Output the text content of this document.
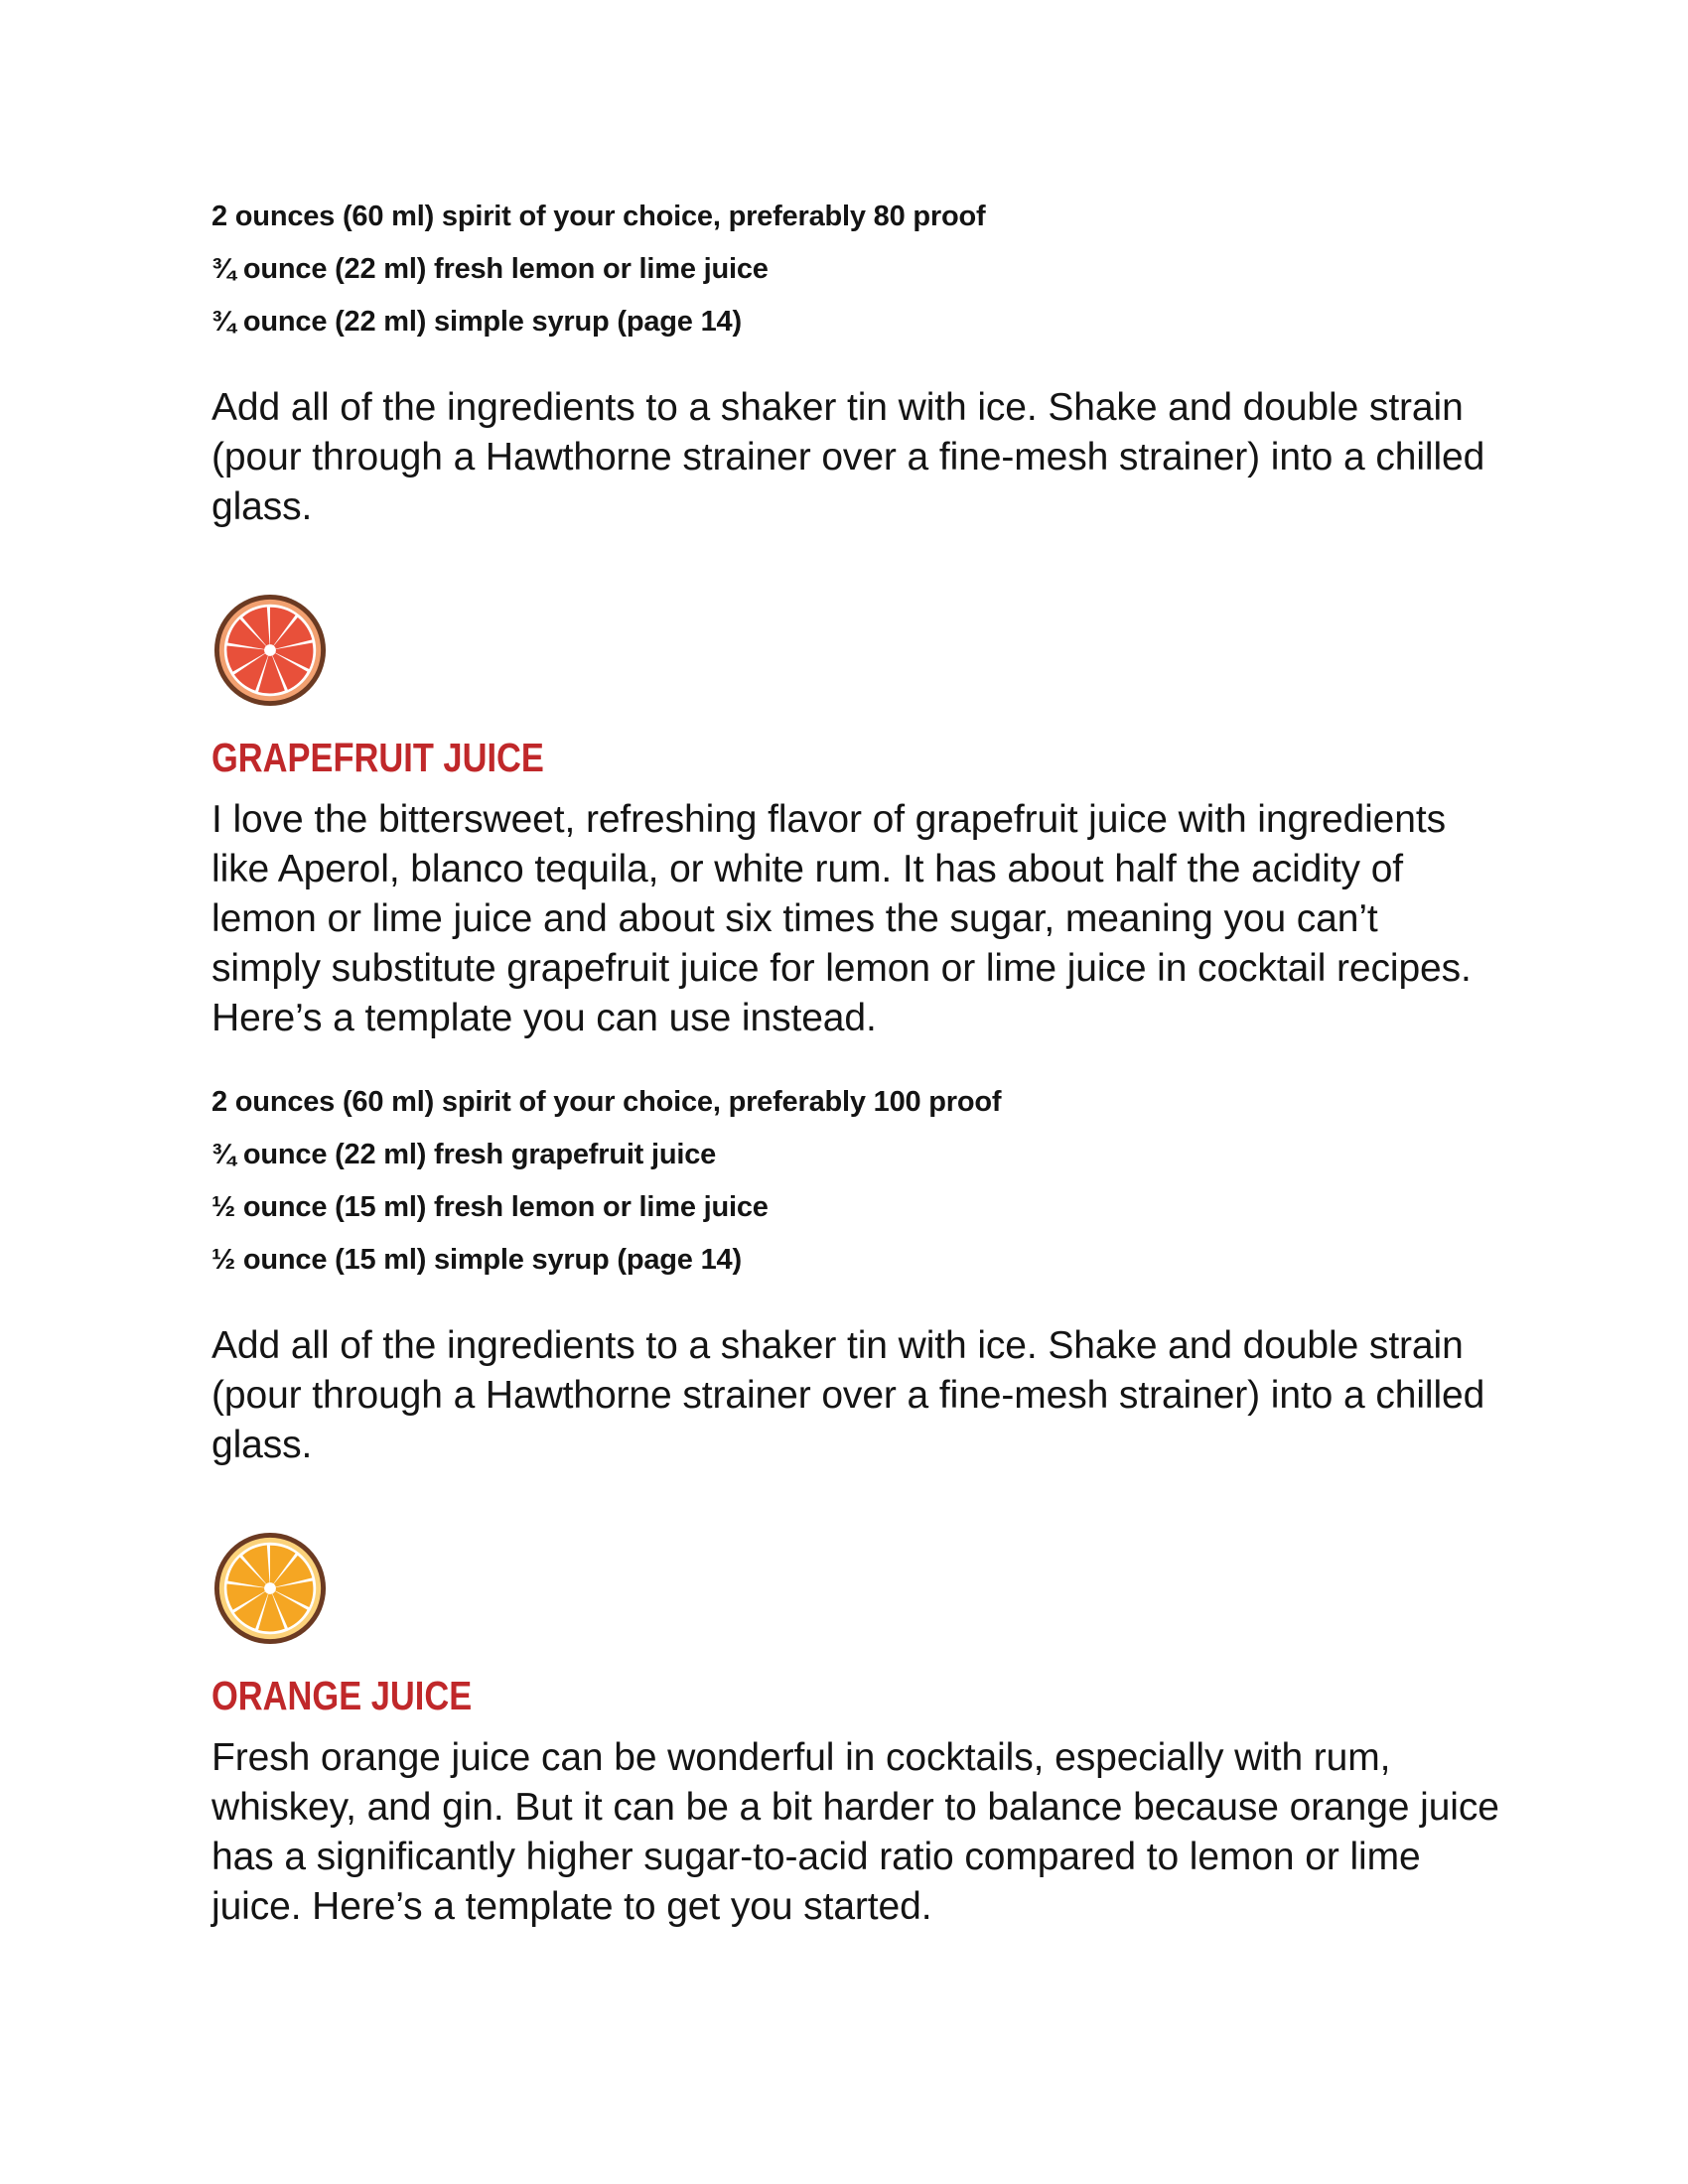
2 ounces (60 ml) spirit of your choice, preferably 80 proof
¾ ounce (22 ml) fresh lemon or lime juice
¾ ounce (22 ml) simple syrup (page 14)

Add all of the ingredients to a shaker tin with ice. Shake and double strain (pour through a Hawthorne strainer over a fine-mesh strainer) into a chilled glass.

GRAPEFRUIT JUICE

I love the bittersweet, refreshing flavor of grapefruit juice with ingredients like Aperol, blanco tequila, or white rum. It has about half the acidity of lemon or lime juice and about six times the sugar, meaning you can’t simply substitute grapefruit juice for lemon or lime juice in cocktail recipes. Here’s a template you can use instead.

2 ounces (60 ml) spirit of your choice, preferably 100 proof
¾ ounce (22 ml) fresh grapefruit juice
½ ounce (15 ml) fresh lemon or lime juice
½ ounce (15 ml) simple syrup (page 14)

Add all of the ingredients to a shaker tin with ice. Shake and double strain (pour through a Hawthorne strainer over a fine-mesh strainer) into a chilled glass.

ORANGE JUICE

Fresh orange juice can be wonderful in cocktails, especially with rum, whiskey, and gin. But it can be a bit harder to balance because orange juice has a significantly higher sugar-to-acid ratio compared to lemon or lime juice. Here’s a template to get you started.
